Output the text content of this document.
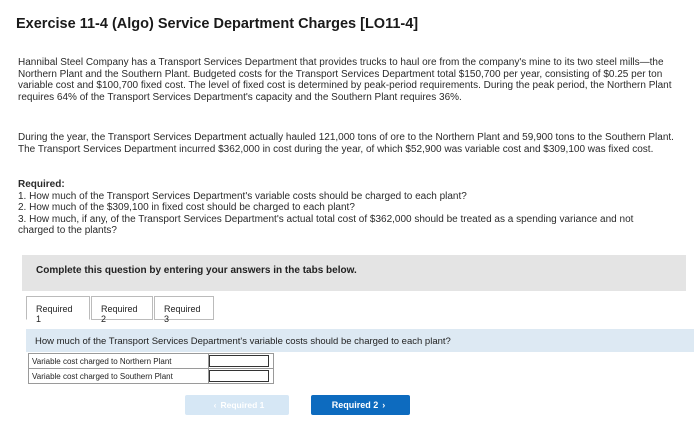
Exercise 11-4 (Algo) Service Department Charges [LO11-4]
Hannibal Steel Company has a Transport Services Department that provides trucks to haul ore from the company's mine to its two steel mills—the Northern Plant and the Southern Plant. Budgeted costs for the Transport Services Department total $150,700 per year, consisting of $0.25 per ton variable cost and $100,700 fixed cost. The level of fixed cost is determined by peak-period requirements. During the peak period, the Northern Plant requires 64% of the Transport Services Department's capacity and the Southern Plant requires 36%.
During the year, the Transport Services Department actually hauled 121,000 tons of ore to the Northern Plant and 59,900 tons to the Southern Plant. The Transport Services Department incurred $362,000 in cost during the year, of which $52,900 was variable cost and $309,100 was fixed cost.
Required:
1. How much of the Transport Services Department's variable costs should be charged to each plant?
2. How much of the $309,100 in fixed cost should be charged to each plant?
3. How much, if any, of the Transport Services Department's actual total cost of $362,000 should be treated as a spending variance and not charged to the plants?
Complete this question by entering your answers in the tabs below.
Required 1
Required 2
Required 3
How much of the Transport Services Department's variable costs should be charged to each plant?
Variable cost charged to Northern Plant	
Variable cost charged to Southern Plant	
‹ Required 1	Required 2 ›
